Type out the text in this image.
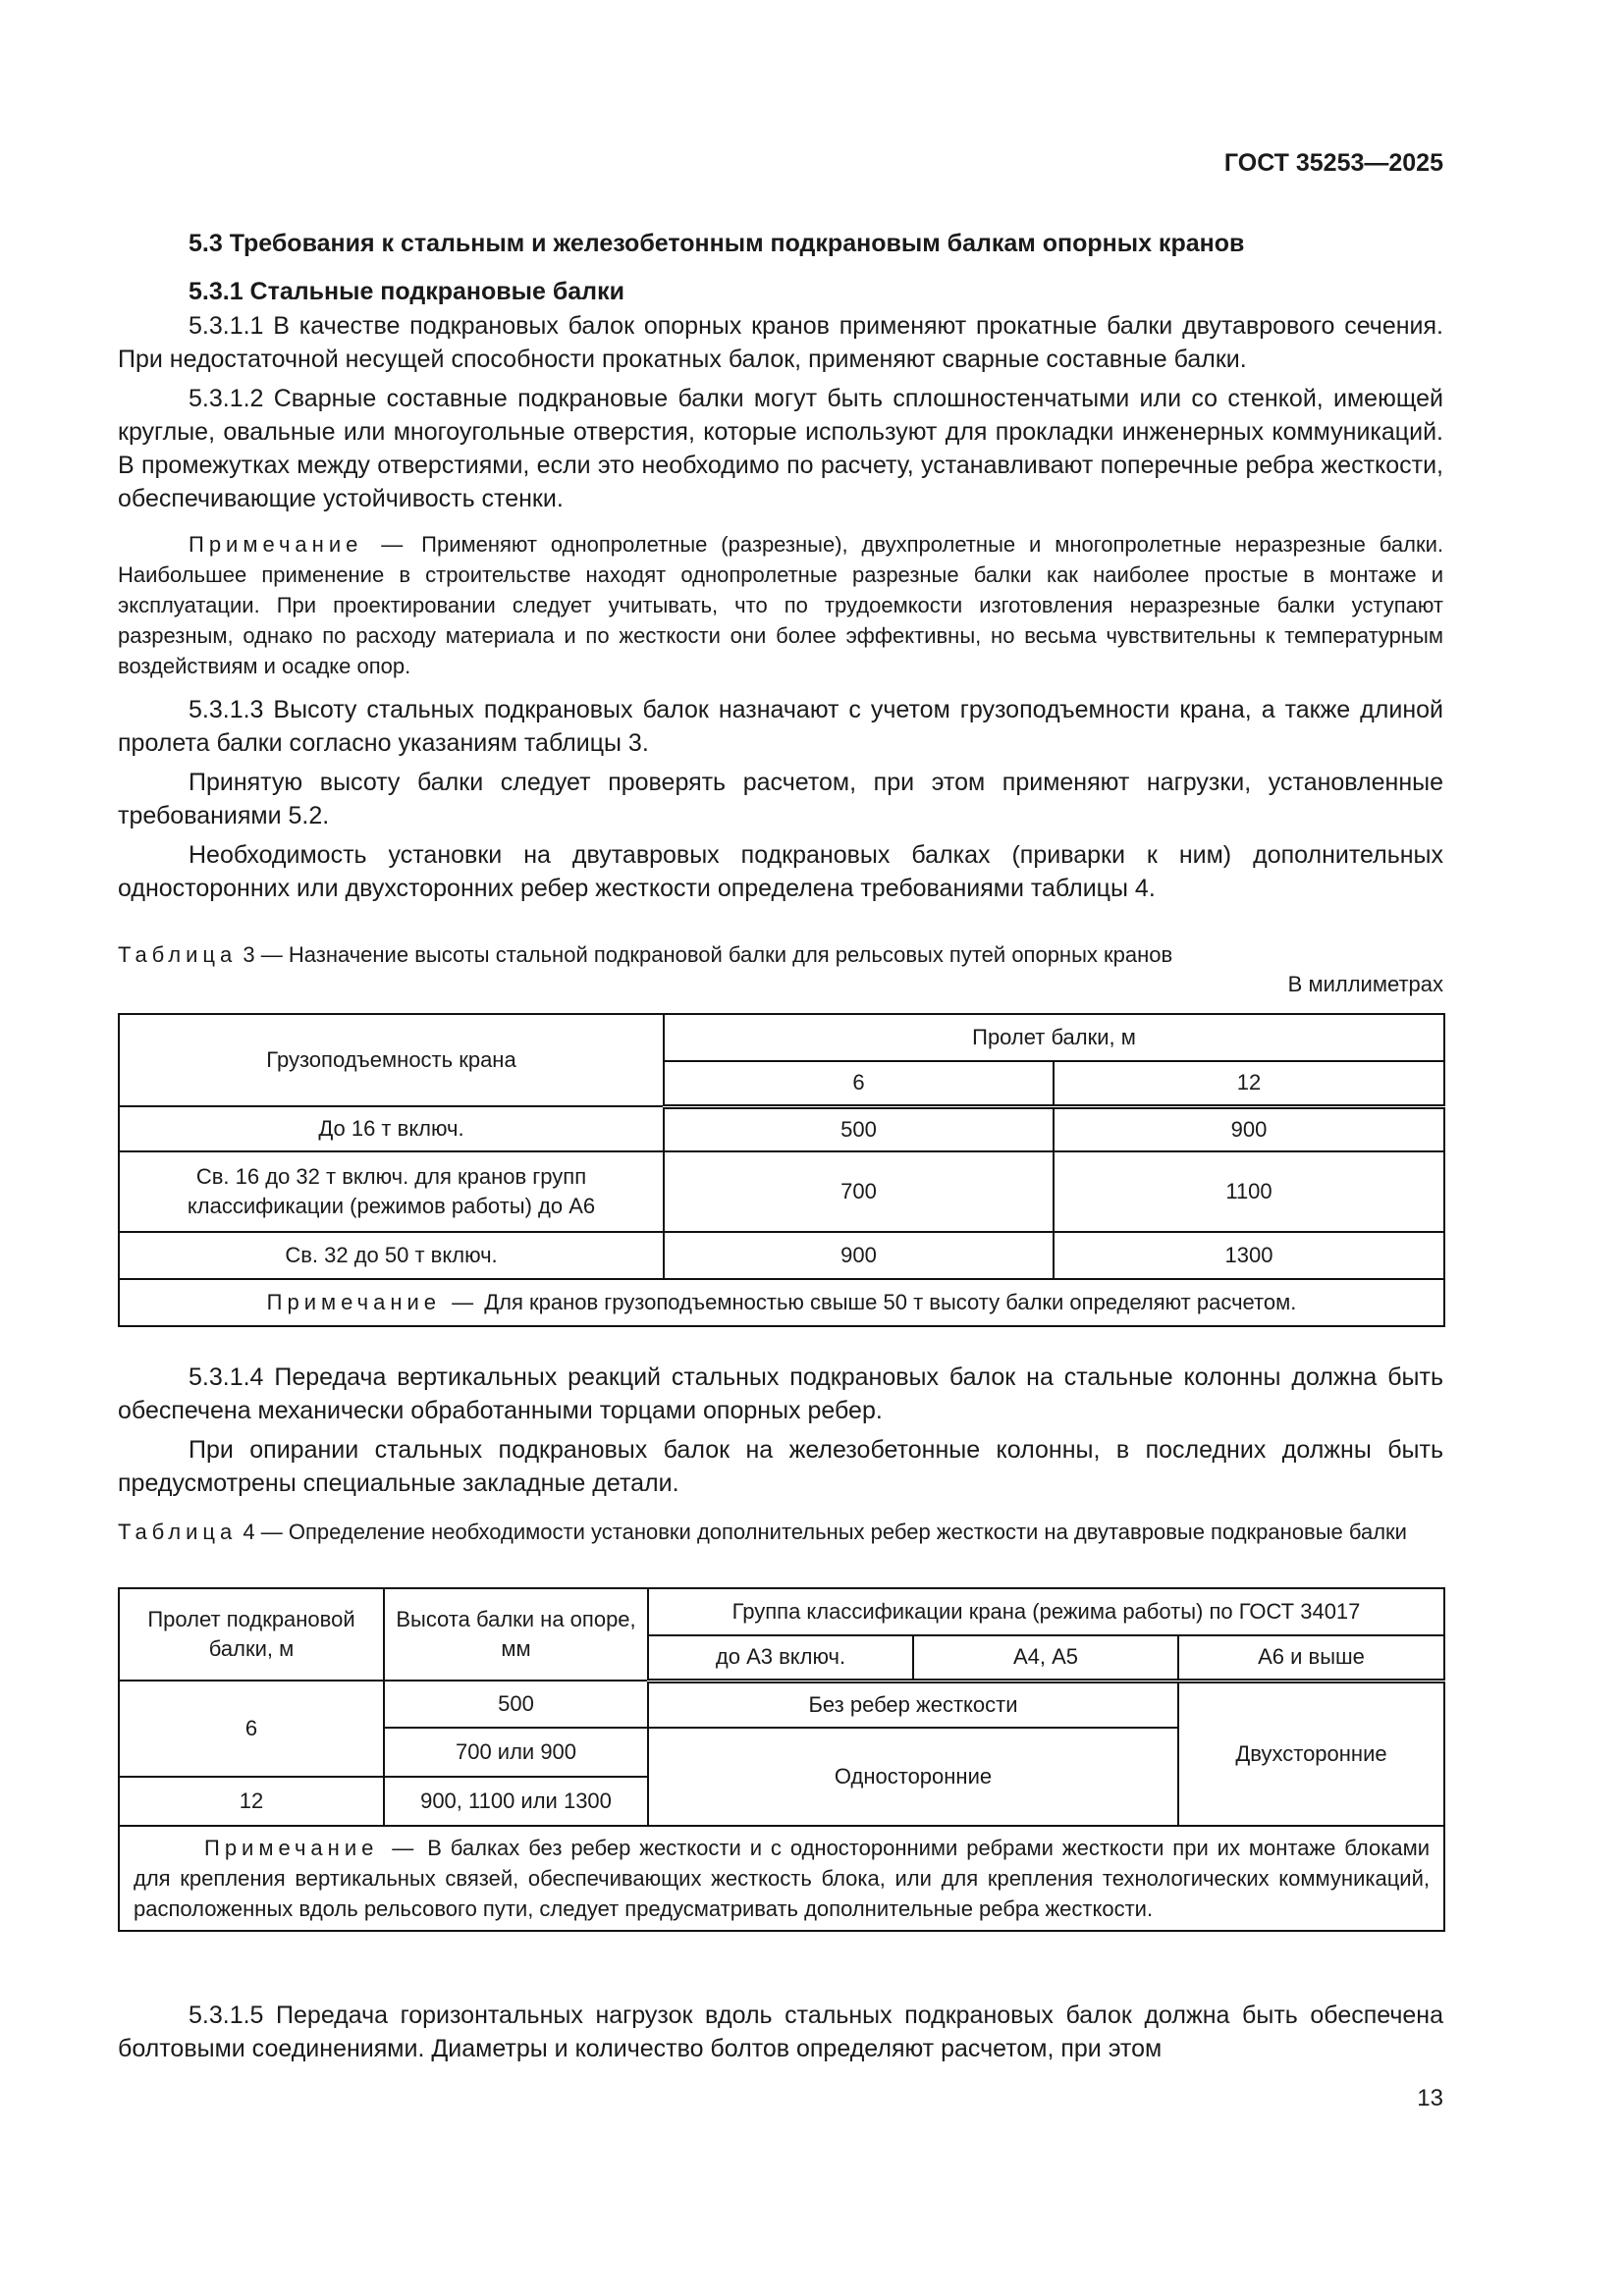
ГОСТ 35253—2025
5.3 Требования к стальным и железобетонным подкрановым балкам опорных кранов
5.3.1 Стальные подкрановые балки

5.3.1.1 В качестве подкрановых балок опорных кранов применяют прокатные балки двутаврового сечения. При недостаточной несущей способности прокатных балок, применяют сварные составные балки.

5.3.1.2 Сварные составные подкрановые балки могут быть сплошностенчатыми или со стенкой, имеющей круглые, овальные или многоугольные отверстия, которые используют для прокладки инженерных коммуникаций. В промежутках между отверстиями, если это необходимо по расчету, устанавливают поперечные ребра жесткости, обеспечивающие устойчивость стенки.

Примечание — Применяют однопролетные (разрезные), двухпролетные и многопролетные неразрезные балки. Наибольшее применение в строительстве находят однопролетные разрезные балки как наиболее простые в монтаже и эксплуатации. При проектировании следует учитывать, что по трудоемкости изготовления неразрезные балки уступают разрезным, однако по расходу материала и по жесткости они более эффективны, но весьма чувствительны к температурным воздействиям и осадке опор.

5.3.1.3 Высоту стальных подкрановых балок назначают с учетом грузоподъемности крана, а также длиной пролета балки согласно указаниям таблицы 3.

Принятую высоту балки следует проверять расчетом, при этом применяют нагрузки, установленные требованиями 5.2.

Необходимость установки на двутавровых подкрановых балках (приварки к ним) дополнительных односторонних или двухсторонних ребер жесткости определена требованиями таблицы 4.

Таблица 3 — Назначение высоты стальной подкрановой балки для рельсовых путей опорных кранов
В миллиметрах
Грузоподъемность крана	Пролет балки, м	
	6	12
До 16 т включ.	500	900
Св. 16 до 32 т включ. для кранов групп классификации (режимов работы) до А6	700	1100
Св. 32 до 50 т включ.	900	1300
Примечание — Для кранов грузоподъемностью свыше 50 т высоту балки определяют расчетом.		

5.3.1.4 Передача вертикальных реакций стальных подкрановых балок на стальные колонны должна быть обеспечена механически обработанными торцами опорных ребер.

При опирании стальных подкрановых балок на железобетонные колонны, в последних должны быть предусмотрены специальные закладные детали.

Таблица 4 — Определение необходимости установки дополнительных ребер жесткости на двутавровые подкрановые балки
Пролет подкрановой балки, м	Высота балки на опоре, мм	Группа классификации крана (режима работы) по ГОСТ 34017		
		до А3 включ.	А4, А5	А6 и выше
6	500	Без ребер жесткости		Двухсторонние
	700 или 900	Односторонние		
12	900, 1100 или 1300			

Примечание — В балках без ребер жесткости и с односторонними ребрами жесткости при их монтаже блоками для крепления вертикальных связей, обеспечивающих жесткость блока, или для крепления технологических коммуникаций, расположенных вдоль рельсового пути, следует предусматривать дополнительные ребра жесткости.				

5.3.1.5 Передача горизонтальных нагрузок вдоль стальных подкрановых балок должна быть обеспечена болтовыми соединениями. Диаметры и количество болтов определяют расчетом, при этом

13
